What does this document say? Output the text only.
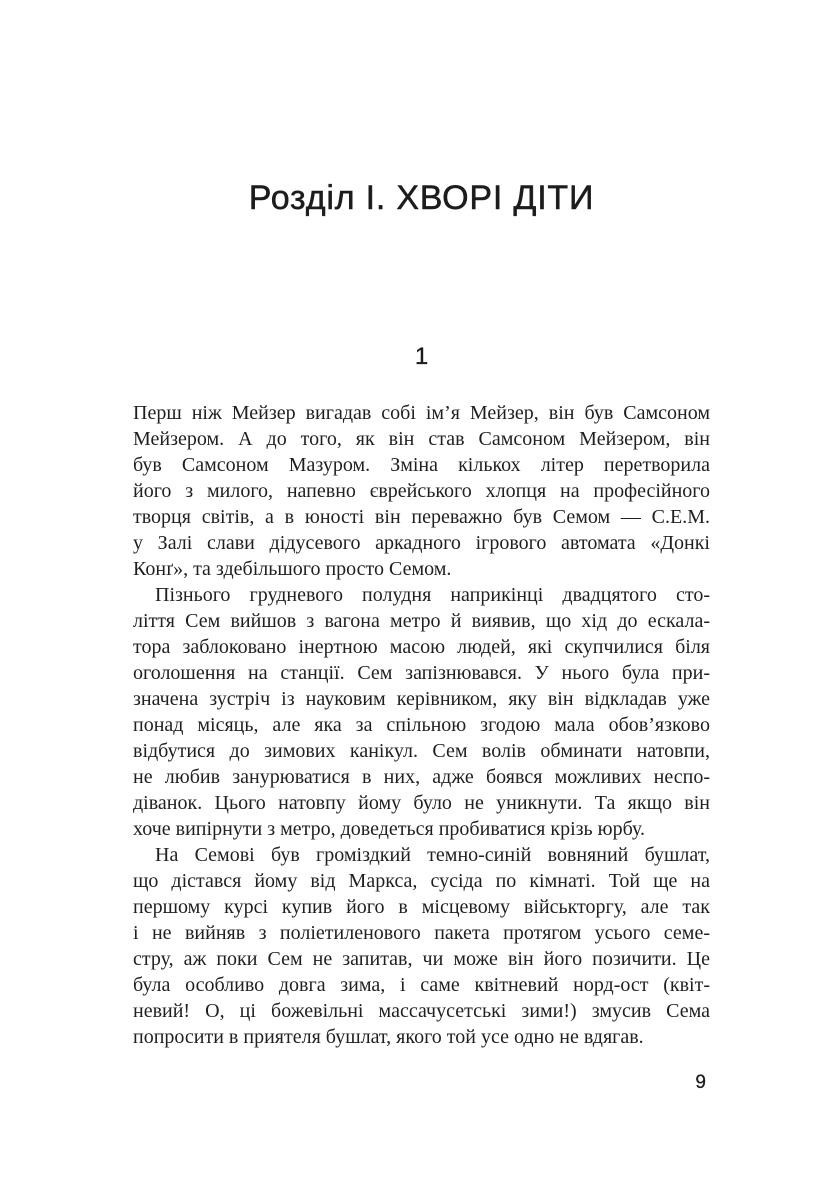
Розділ І. ХВОРІ ДІТИ
1
Перш ніж Мейзер вигадав собі ім’я Мейзер, він був Самсоном
Мейзером. А до того, як він став Самсоном Мейзером, він
був Самсоном Мазуром. Зміна кількох літер перетворила
його з милого, напевно єврейського хлопця на професійного
творця світів, а в юності він переважно був Семом — С.Е.М.
у Залі слави дідусевого аркадного ігрового автомата «Донкі
Конґ», та здебільшого просто Семом.
Пізнього грудневого полудня наприкінці двадцятого сто-
ліття Сем вийшов з вагона метро й виявив, що хід до ескала-
тора заблоковано інертною масою людей, які скупчилися біля
оголошення на станції. Сем запізнювався. У нього була при-
значена зустріч із науковим керівником, яку він відкладав уже
понад місяць, але яка за спільною згодою мала обов’язково
відбутися до зимових канікул. Сем волів обминати натовпи,
не любив занурюватися в них, адже боявся можливих неспо-
діванок. Цього натовпу йому було не уникнути. Та якщо він
хоче випірнути з метро, доведеться пробиватися крізь юрбу.
На Семові був громіздкий темно-синій вовняний бушлат,
що дістався йому від Маркса, сусіда по кімнаті. Той ще на
першому курсі купив його в місцевому військторгу, але так
і не вийняв з поліетиленового пакета протягом усього семе-
стру, аж поки Сем не запитав, чи може він його позичити. Це
була особливо довга зима, і саме квітневий норд-ост (квіт-
невий! О, ці божевільні массачусетські зими!) змусив Сема
попросити в приятеля бушлат, якого той усе одно не вдягав.
9
